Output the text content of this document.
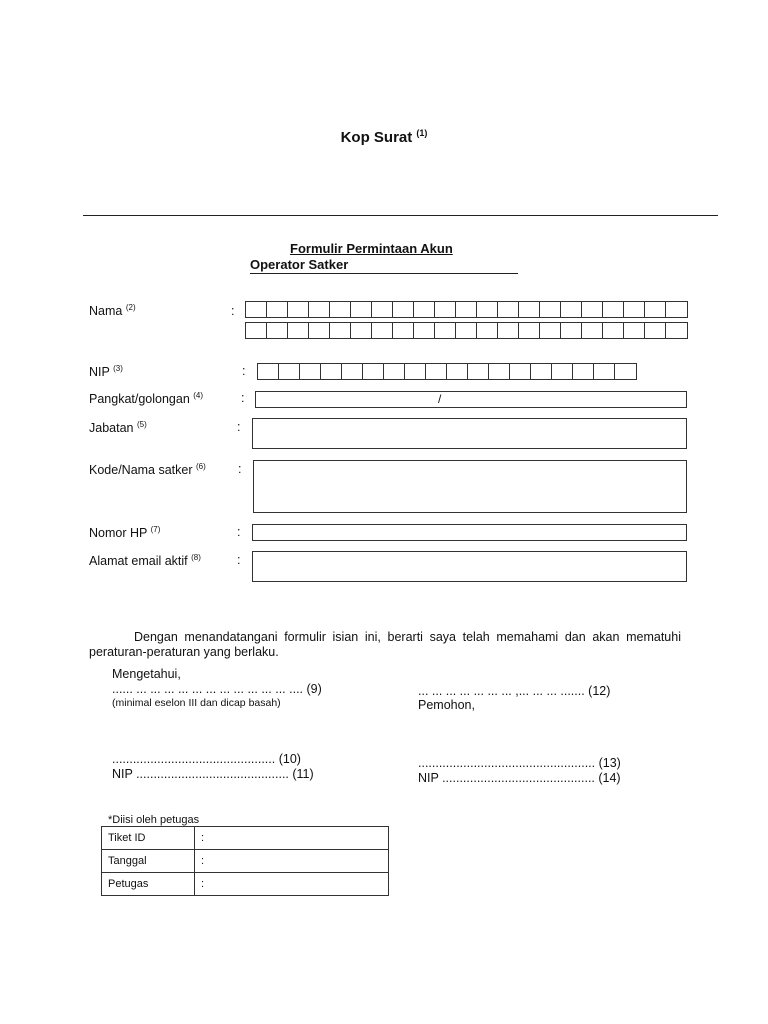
Kop Surat $^{(1)}$
Formulir Permintaan Akun
Operator Satker
Nama $^{(2)}$	:
NIP $^{(3)}$	:
Pangkat/golongan $^{(4)}$	:	/
Jabatan $^{(5)}$	:
Kode/Nama satker $^{(6)}$	:
Nomor HP $^{(7)}$	:
Alamat email aktif $^{(8)}$	:
Dengan menandatangani formulir isian ini, berarti saya telah memahami dan akan mematuhi peraturan-peraturan yang berlaku.
Mengetahui,
...... ... ... ... ... ... ... ... ... ... ... ... .... (9)
(minimal eselon III dan dicap basah)
............................................... (10)
NIP ............................................ (11)
... ... ... ... ... ... ... ,... ... ... ....... (12)
Pemohon,
................................................... (13)
NIP ............................................ (14)
*Diisi oleh petugas
Tiket ID	:
Tanggal	:
Petugas	:
